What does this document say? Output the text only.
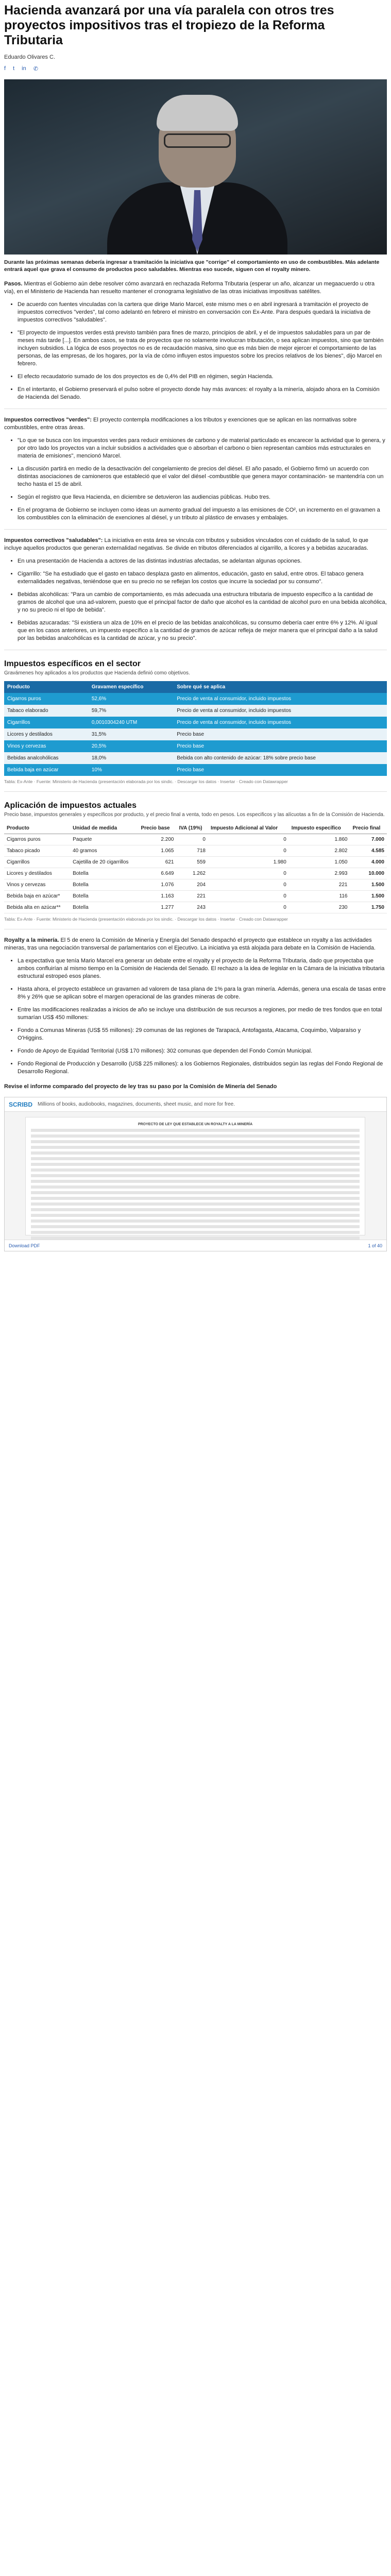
Hacienda avanzará por una vía paralela con otros tres proyectos impositivos tras el tropiezo de la Reforma Tributaria
Eduardo Olivares C.
f t in ✆
Durante las próximas semanas debería ingresar a tramitación la iniciativa que "corrige" el comportamiento en uso de combustibles. Más adelante entrará aquel que grava el consumo de productos poco saludables. Mientras eso sucede, siguen con el royalty minero.

Pasos. Mientras el Gobierno aún debe resolver cómo avanzará en rechazada Reforma Tributaria (esperar un año, alcanzar un megaacuerdo u otra vía), en el Ministerio de Hacienda han resuelto mantener el cronograma legislativo de las otras iniciativas impositivas satélites.

• De acuerdo con fuentes vinculadas con la cartera que dirige Mario Marcel, este mismo mes o en abril ingresará a tramitación el proyecto de impuestos correctivos "verdes", tal como adelantó en febrero el ministro en conversación con Ex-Ante. Para después quedará la iniciativa de impuestos correctivos "saludables".
• "El proyecto de impuestos verdes está previsto también para fines de marzo, principios de abril, y el de impuestos saludables para un par de meses más tarde [...]. En ambos casos, se trata de proyectos que no solamente involucran tributación, o sea aplican impuestos, sino que también incluyen subsidios. La lógica de esos proyectos no es de recaudación masiva, sino que es más bien de mejor ejercer el comportamiento de las personas, de las empresas, de los hogares, por la vía de cómo influyen estos impuestos sobre los precios relativos de los bienes", dijo Marcel en febrero.
• El efecto recaudatorio sumado de los dos proyectos es de 0,4% del PIB en régimen, según Hacienda.
• En el intertanto, el Gobierno preservará el pulso sobre el proyecto donde hay más avances: el royalty a la minería, alojado ahora en la Comisión de Hacienda del Senado.

Impuestos correctivos "verdes": El proyecto contempla modificaciones a los tributos y exenciones que se aplican en las normativas sobre combustibles, entre otras áreas.

• "Lo que se busca con los impuestos verdes para reducir emisiones de carbono y de material particulado es encarecer la actividad que lo genera, y por otro lado los proyectos van a incluir subsidios a actividades que o absorban el carbono o bien representan cambios más estructurales en materia de emisiones", mencionó Marcel.
• La discusión partirá en medio de la desactivación del congelamiento de precios del diésel. El año pasado, el Gobierno firmó un acuerdo con distintas asociaciones de camioneros que estableció que el valor del diésel -combustible que genera mayor contaminación- se mantendría con un techo hasta el 15 de abril.
• Según el registro que lleva Hacienda, en diciembre se detuvieron las audiencias públicas. Hubo tres.
• En el programa de Gobierno se incluyen como ideas un aumento gradual del impuesto a las emisiones de CO², un incremento en el gravamen a los combustibles con la eliminación de exenciones al diésel, y un tributo al plástico de envases y embalajes.

Impuestos correctivos "saludables": La iniciativa en esta área se vincula con tributos y subsidios vinculados con el cuidado de la salud, lo que incluye aquellos productos que generan externalidad negativas. Se divide en tributos diferenciados al cigarrillo, a licores y a bebidas azucaradas.

• En una presentación de Hacienda a actores de las distintas industrias afectadas, se adelantan algunas opciones.
• Cigarrillo: "Se ha estudiado que el gasto en tabaco desplaza gasto en alimentos, educación, gasto en salud, entre otros. El tabaco genera externalidades negativas, teniéndose que en su precio no se reflejan los costos que incurre la sociedad por su consumo".
• Bebidas alcohólicas: "Para un cambio de comportamiento, es más adecuada una estructura tributaria de impuesto específico a la cantidad de gramos de alcohol que una ad-valorem, puesto que el principal factor de daño que alcohol es la cantidad de alcohol puro en una bebida alcohólica, y no su precio ni el tipo de bebida".
• Bebidas azucaradas: "Si existiera un alza de 10% en el precio de las bebidas analcohólicas, su consumo debería caer entre 6% y 12%. Al igual que en los casos anteriores, un impuesto específico a la cantidad de gramos de azúcar refleja de mejor manera que el principal daño a la salud por las bebidas analcohólicas es la cantidad de azúcar, y no su precio".
Impuestos específicos en el sector
Gravámenes hoy aplicados a los productos que Hacienda definió como objetivos.
Producto	Gravamen específico	Sobre qué se aplica
Cigarros puros	52,6%	Precio de venta al consumidor, incluido impuestos
Tabaco elaborado	59,7%	Precio de venta al consumidor, incluido impuestos
Cigarrillos	0,0010304240 UTM	Precio de venta al consumidor, incluido impuestos
Licores y destilados	31,5%	Precio base
Vinos y cervezas	20,5%	Precio base
Bebidas analcohólicas	18,0%	Bebida con alto contenido de azúcar: 18% sobre precio base
Bebida baja en azúcar	10%	Precio base
Tabla: Ex-Ante · Fuente: Ministerio de Hacienda (presentación elaborada por los sindic. · Descargar los datos · Insertar · Creado con Datawrapper
Aplicación de impuestos actuales
Precio base, impuestos generales y específicos por producto, y el precio final a venta, todo en pesos. Los especificos y las alícuotas a fin de la Comisión de Hacienda.
Producto	Unidad de medida	Precio base	IVA (19%)	Impuesto Adicional al Valor	Impuesto específico	Precio final
Cigarros puros	Paquete	2.200	0	0	1.860	7.000
Tabaco picado	40 gramos	1.065	718	0	2.802	4.585
Cigarrillos	Cajetilla de 20 cigarrillos	621	559	1.980	1.050	4.000
Licores y destilados	Botella	6.649	1.262	0	2.993	10.000
Vinos y cervezas	Botella	1.076	204	0	221	1.500
Bebida baja en azúcar*	Botella	1.163	221	0	116	1.500
Bebida alta en azúcar**	Botella	1.277	243	0	230	1.750
Tabla: Ex-Ante · Fuente: Ministerio de Hacienda (presentación elaborada por los sindic. · Descargar los datos · Insertar · Creado con Datawrapper

Royalty a la minería. El 5 de enero la Comisión de Minería y Energía del Senado despachó el proyecto que establece un royalty a las actividades mineras, tras una negociación transversal de parlamentarios con el Ejecutivo. La iniciativa ya está alojada para debate en la Comisión de Hacienda.

• La expectativa que tenía Mario Marcel era generar un debate entre el royalty y el proyecto de la Reforma Tributaria, dado que proyectaba que ambos confluirían al mismo tiempo en la Comisión de Hacienda del Senado. El rechazo a la idea de legislar en la Cámara de la iniciativa tributaria estructural estropeó esos planes.
• Hasta ahora, el proyecto establece un gravamen ad valorem de tasa plana de 1% para la gran minería. Además, genera una escala de tasas entre 8% y 26% que se aplican sobre el margen operacional de las grandes mineras de cobre.
• Entre las modificaciones realizadas a inicios de año se incluye una distribución de sus recursos a regiones, por medio de tres fondos que en total sumarían US$ 450 millones:
• Fondo a Comunas Mineras (US$ 55 millones): 29 comunas de las regiones de Tarapacá, Antofagasta, Atacama, Coquimbo, Valparaíso y O'Higgins.
• Fondo de Apoyo de Equidad Territorial (US$ 170 millones): 302 comunas que dependen del Fondo Común Municipal.
• Fondo Regional de Producción y Desarrollo (US$ 225 millones): a los Gobiernos Regionales, distribuidos según las reglas del Fondo Regional de Desarrollo Regional.

Revise el informe comparado del proyecto de ley tras su paso por la Comisión de Minería del Senado

SCRIBD Millions of books, audiobooks, magazines, documents, sheet music, and more for free.
PROYECTO DE LEY QUE ESTABLECE UN ROYALTY A LA MINERÍA
Download PDF	1 of 40
